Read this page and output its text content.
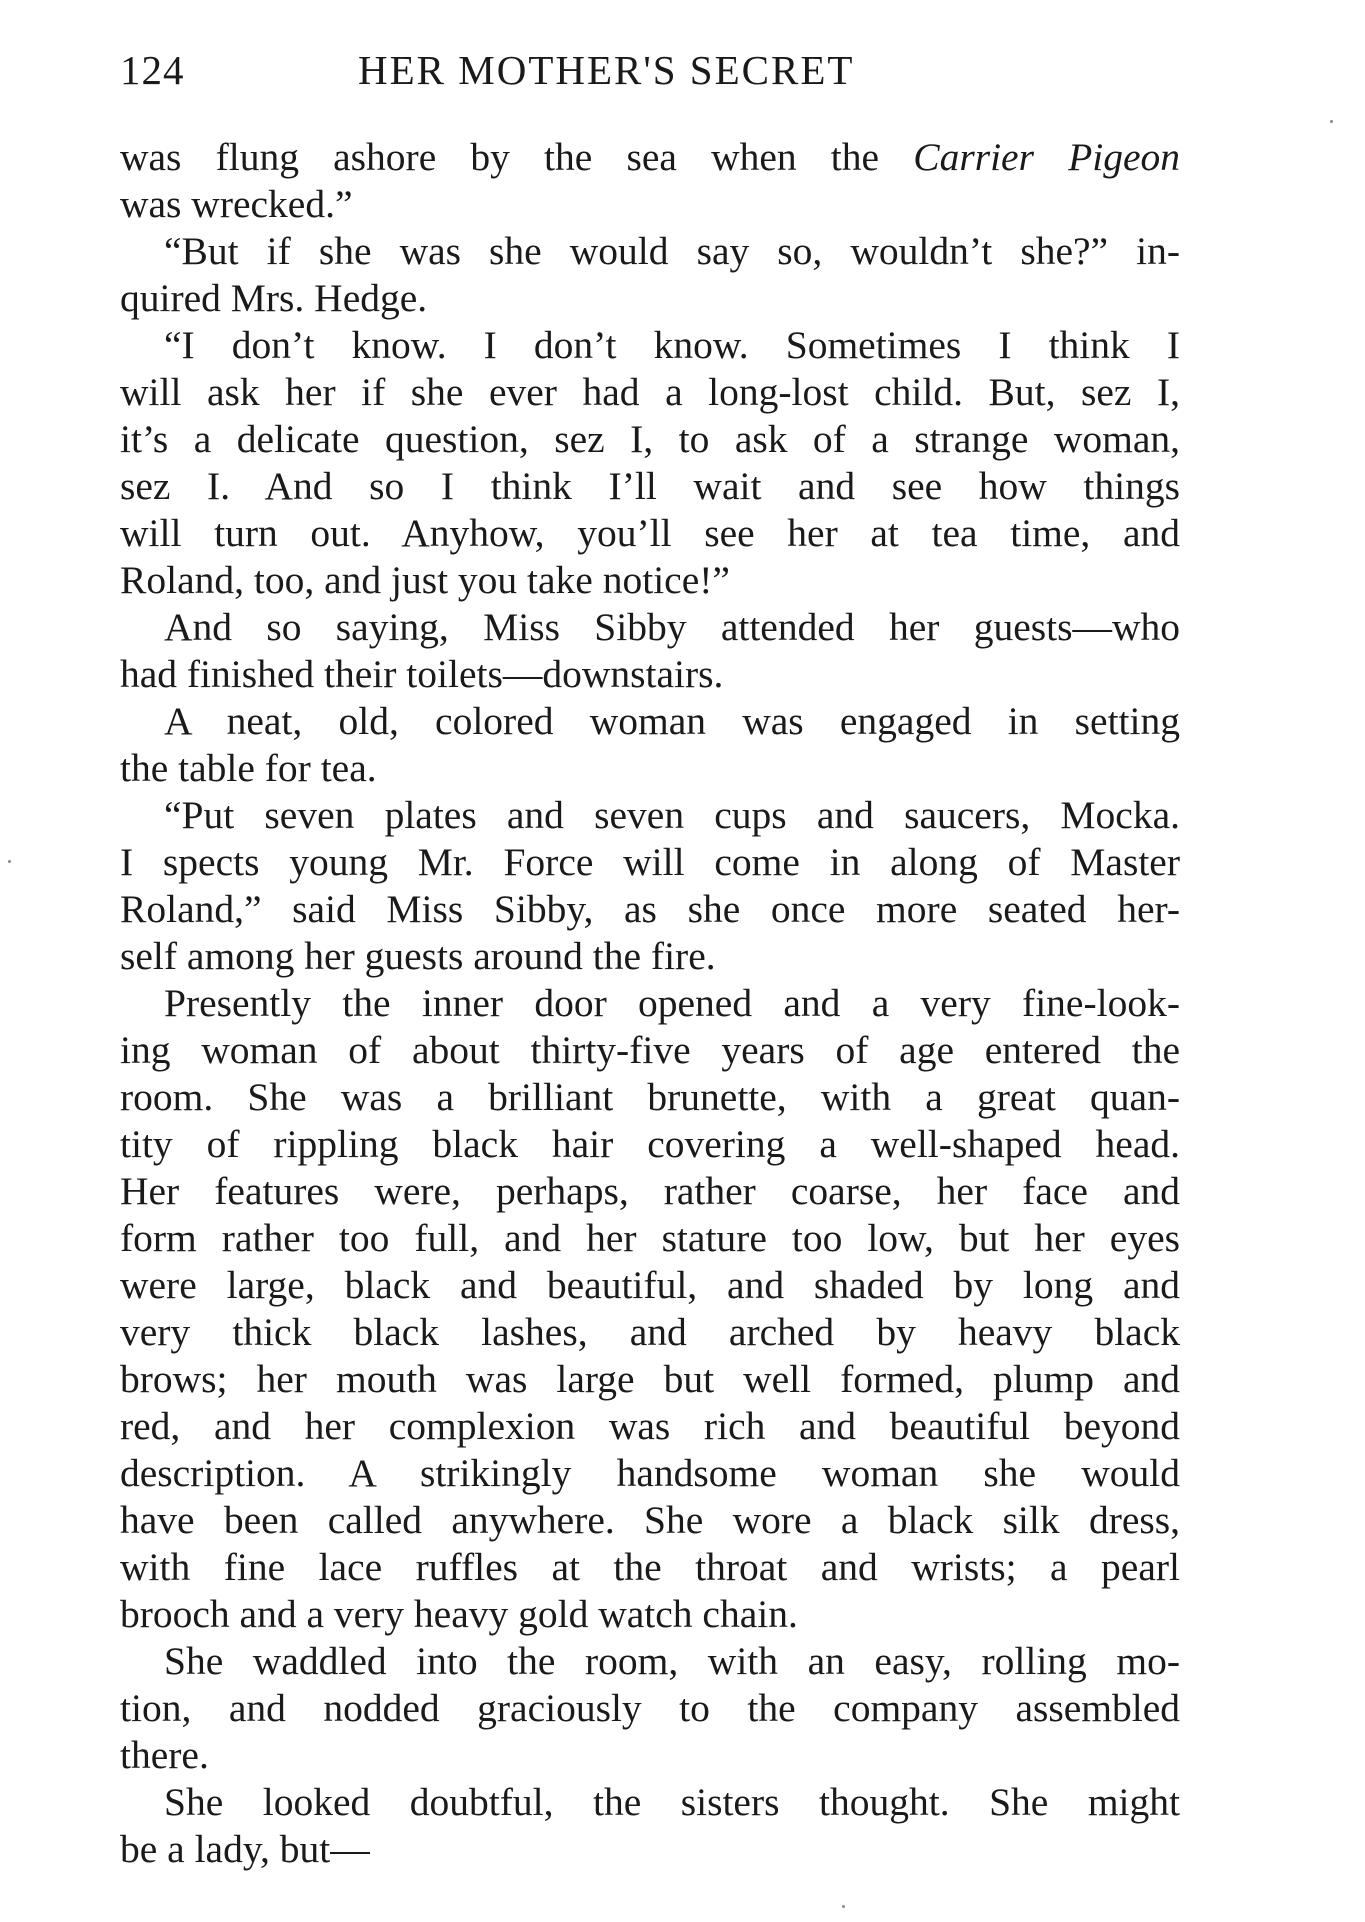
124	HER MOTHER'S SECRET
was flung ashore by the sea when the Carrier Pigeon
was wrecked.”
“But if she was she would say so, wouldn’t she?” in-
quired Mrs. Hedge.
“I don’t know. I don’t know. Sometimes I think I
will ask her if she ever had a long-lost child. But, sez I,
it’s a delicate question, sez I, to ask of a strange woman,
sez I. And so I think I’ll wait and see how things
will turn out. Anyhow, you’ll see her at tea time, and
Roland, too, and just you take notice!”
And so saying, Miss Sibby attended her guests—who
had finished their toilets—downstairs.
A neat, old, colored woman was engaged in setting
the table for tea.
“Put seven plates and seven cups and saucers, Mocka.
I spects young Mr. Force will come in along of Master
Roland,” said Miss Sibby, as she once more seated her-
self among her guests around the fire.
Presently the inner door opened and a very fine-look-
ing woman of about thirty-five years of age entered the
room. She was a brilliant brunette, with a great quan-
tity of rippling black hair covering a well-shaped head.
Her features were, perhaps, rather coarse, her face and
form rather too full, and her stature too low, but her eyes
were large, black and beautiful, and shaded by long and
very thick black lashes, and arched by heavy black
brows; her mouth was large but well formed, plump and
red, and her complexion was rich and beautiful beyond
description. A strikingly handsome woman she would
have been called anywhere. She wore a black silk dress,
with fine lace ruffles at the throat and wrists; a pearl
brooch and a very heavy gold watch chain.
She waddled into the room, with an easy, rolling mo-
tion, and nodded graciously to the company assembled
there.
She looked doubtful, the sisters thought. She might
be a lady, but—
